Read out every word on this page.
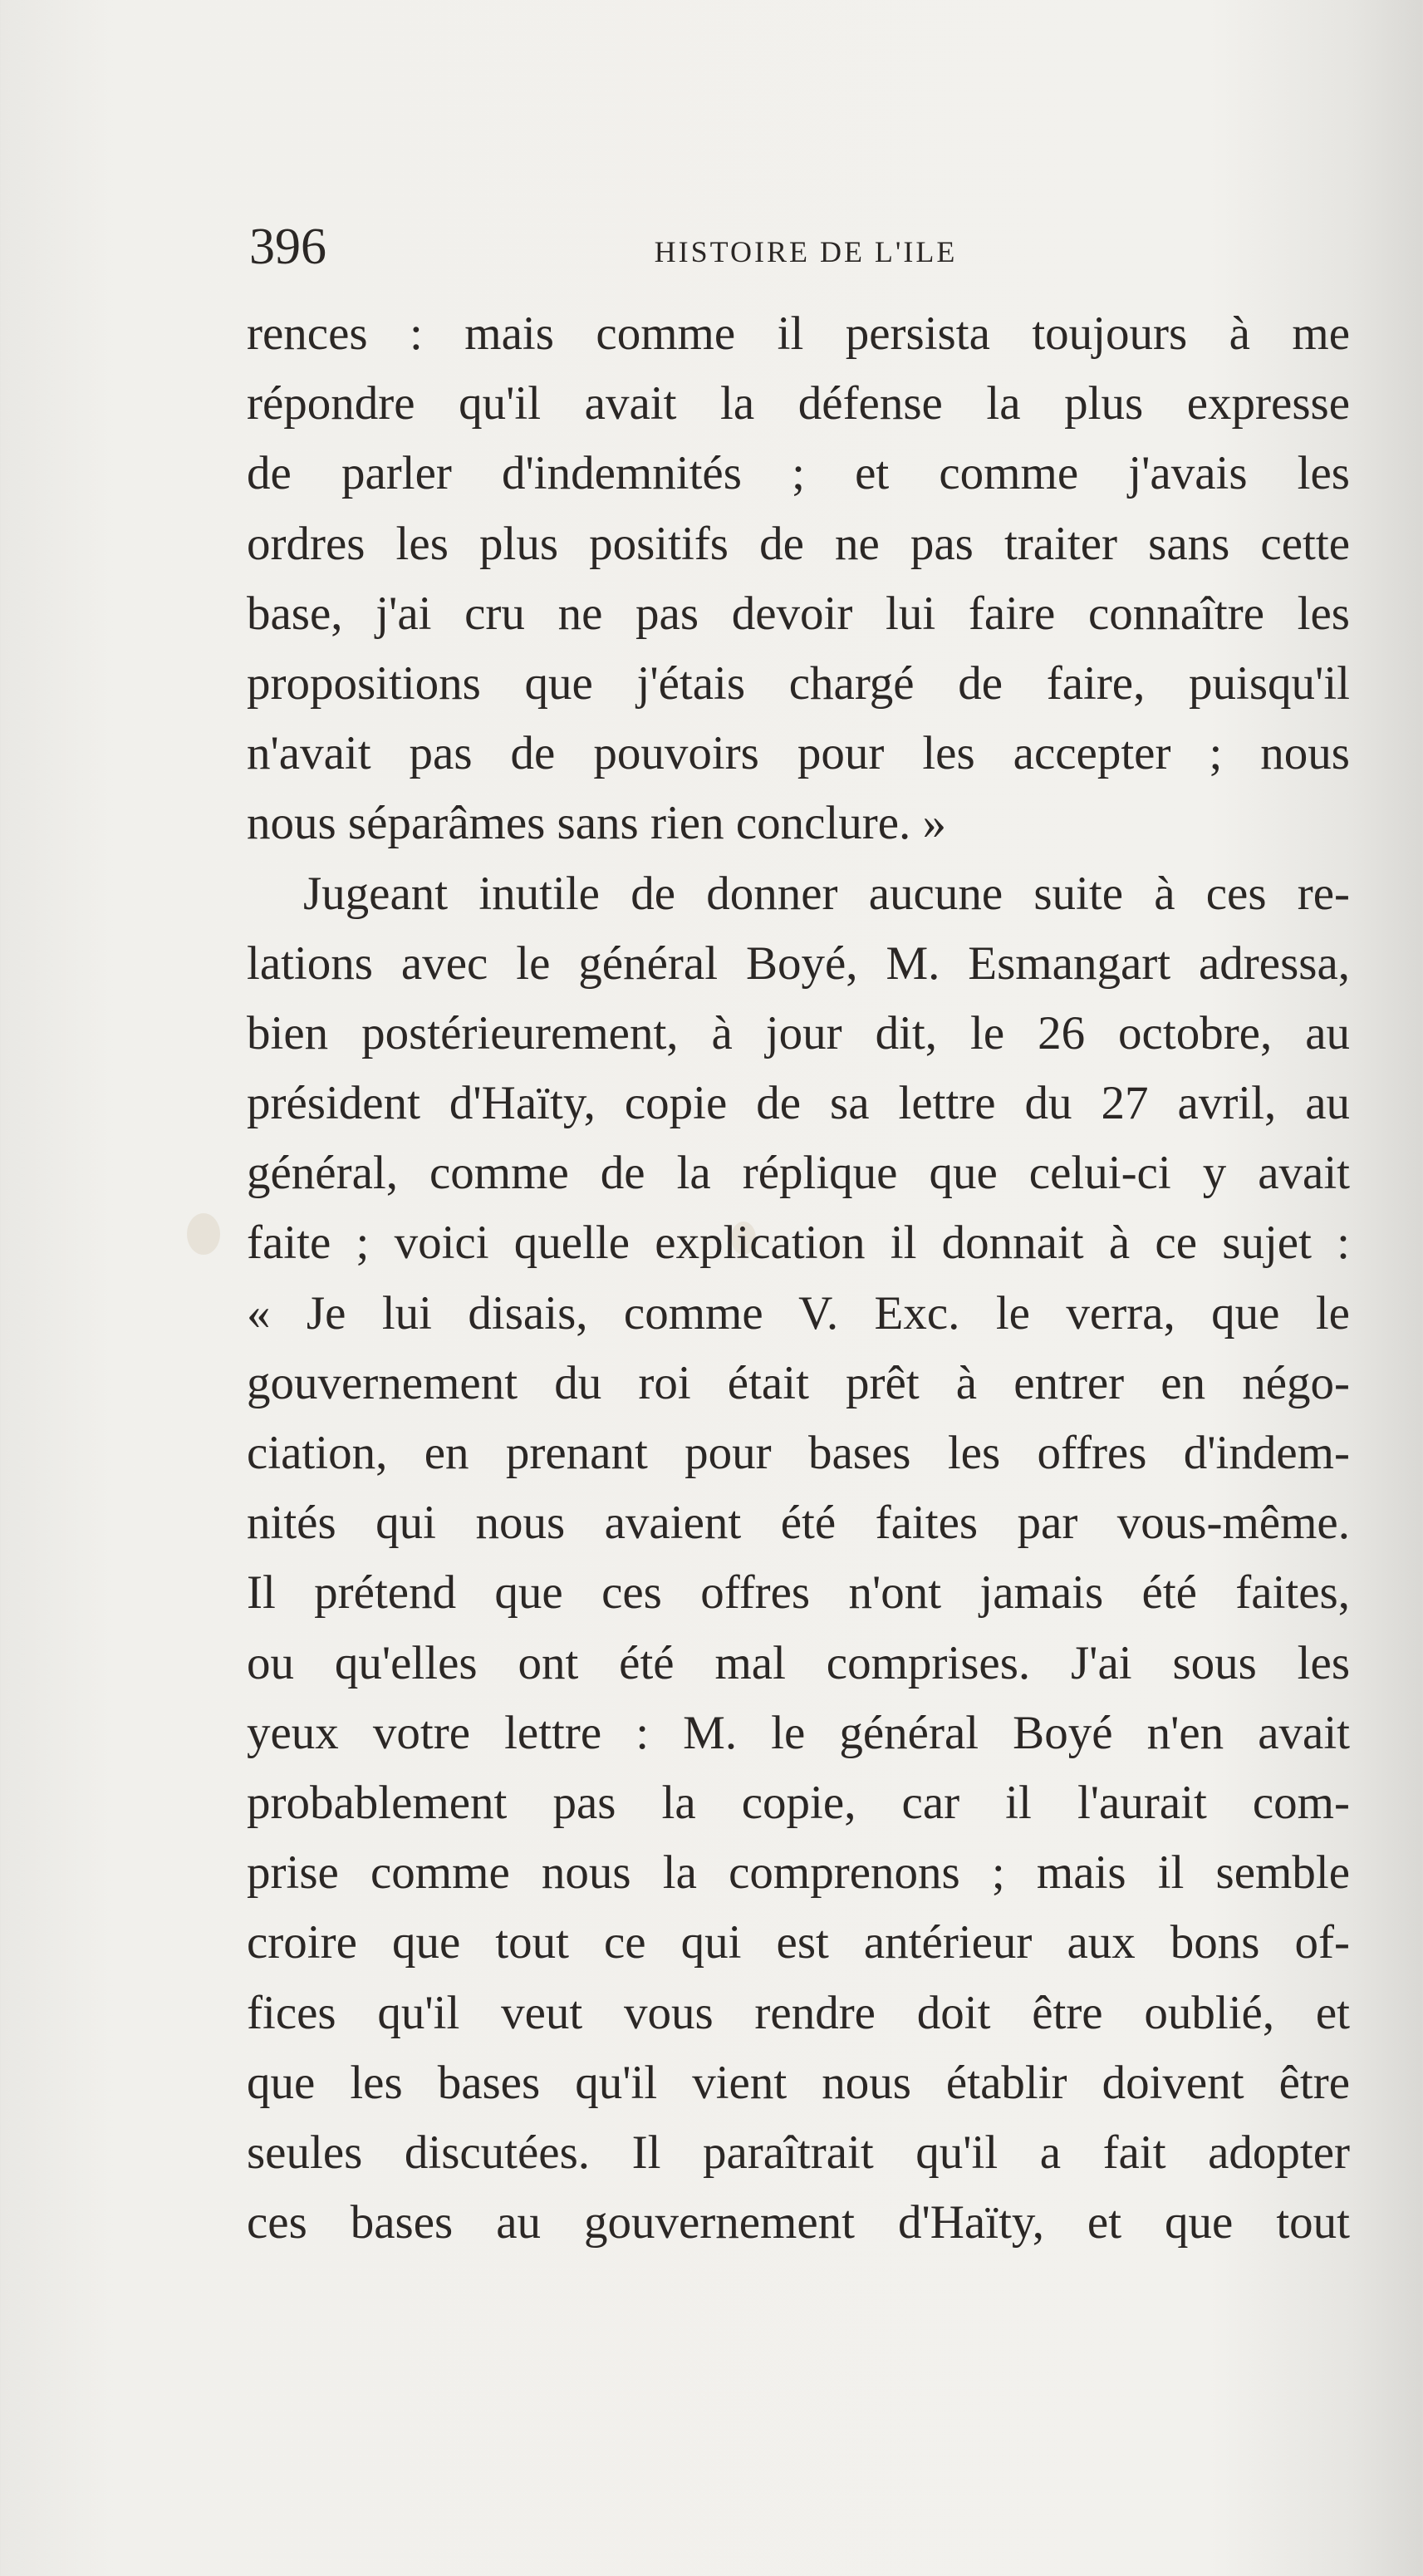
396	HISTOIRE DE L'ILE
rences : mais comme il persista toujours à me
répondre qu'il avait la défense la plus expresse
de parler d'indemnités ; et comme j'avais les
ordres les plus positifs de ne pas traiter sans cette
base, j'ai cru ne pas devoir lui faire connaître les
propositions que j'étais chargé de faire, puisqu'il
n'avait pas de pouvoirs pour les accepter ; nous
nous séparâmes sans rien conclure. »
Jugeant inutile de donner aucune suite à ces re-
lations avec le général Boyé, M. Esmangart adressa,
bien postérieurement, à jour dit, le 26 octobre, au
président d'Haïty, copie de sa lettre du 27 avril, au
général, comme de la réplique que celui-ci y avait
faite ; voici quelle explication il donnait à ce sujet :
« Je lui disais, comme V. Exc. le verra, que le
gouvernement du roi était prêt à entrer en négo-
ciation, en prenant pour bases les offres d'indem-
nités qui nous avaient été faites par vous-même.
Il prétend que ces offres n'ont jamais été faites,
ou qu'elles ont été mal comprises. J'ai sous les
yeux votre lettre : M. le général Boyé n'en avait
probablement pas la copie, car il l'aurait com-
prise comme nous la comprenons ; mais il semble
croire que tout ce qui est antérieur aux bons of-
fices qu'il veut vous rendre doit être oublié, et
que les bases qu'il vient nous établir doivent être
seules discutées. Il paraîtrait qu'il a fait adopter
ces bases au gouvernement d'Haïty, et que tout
